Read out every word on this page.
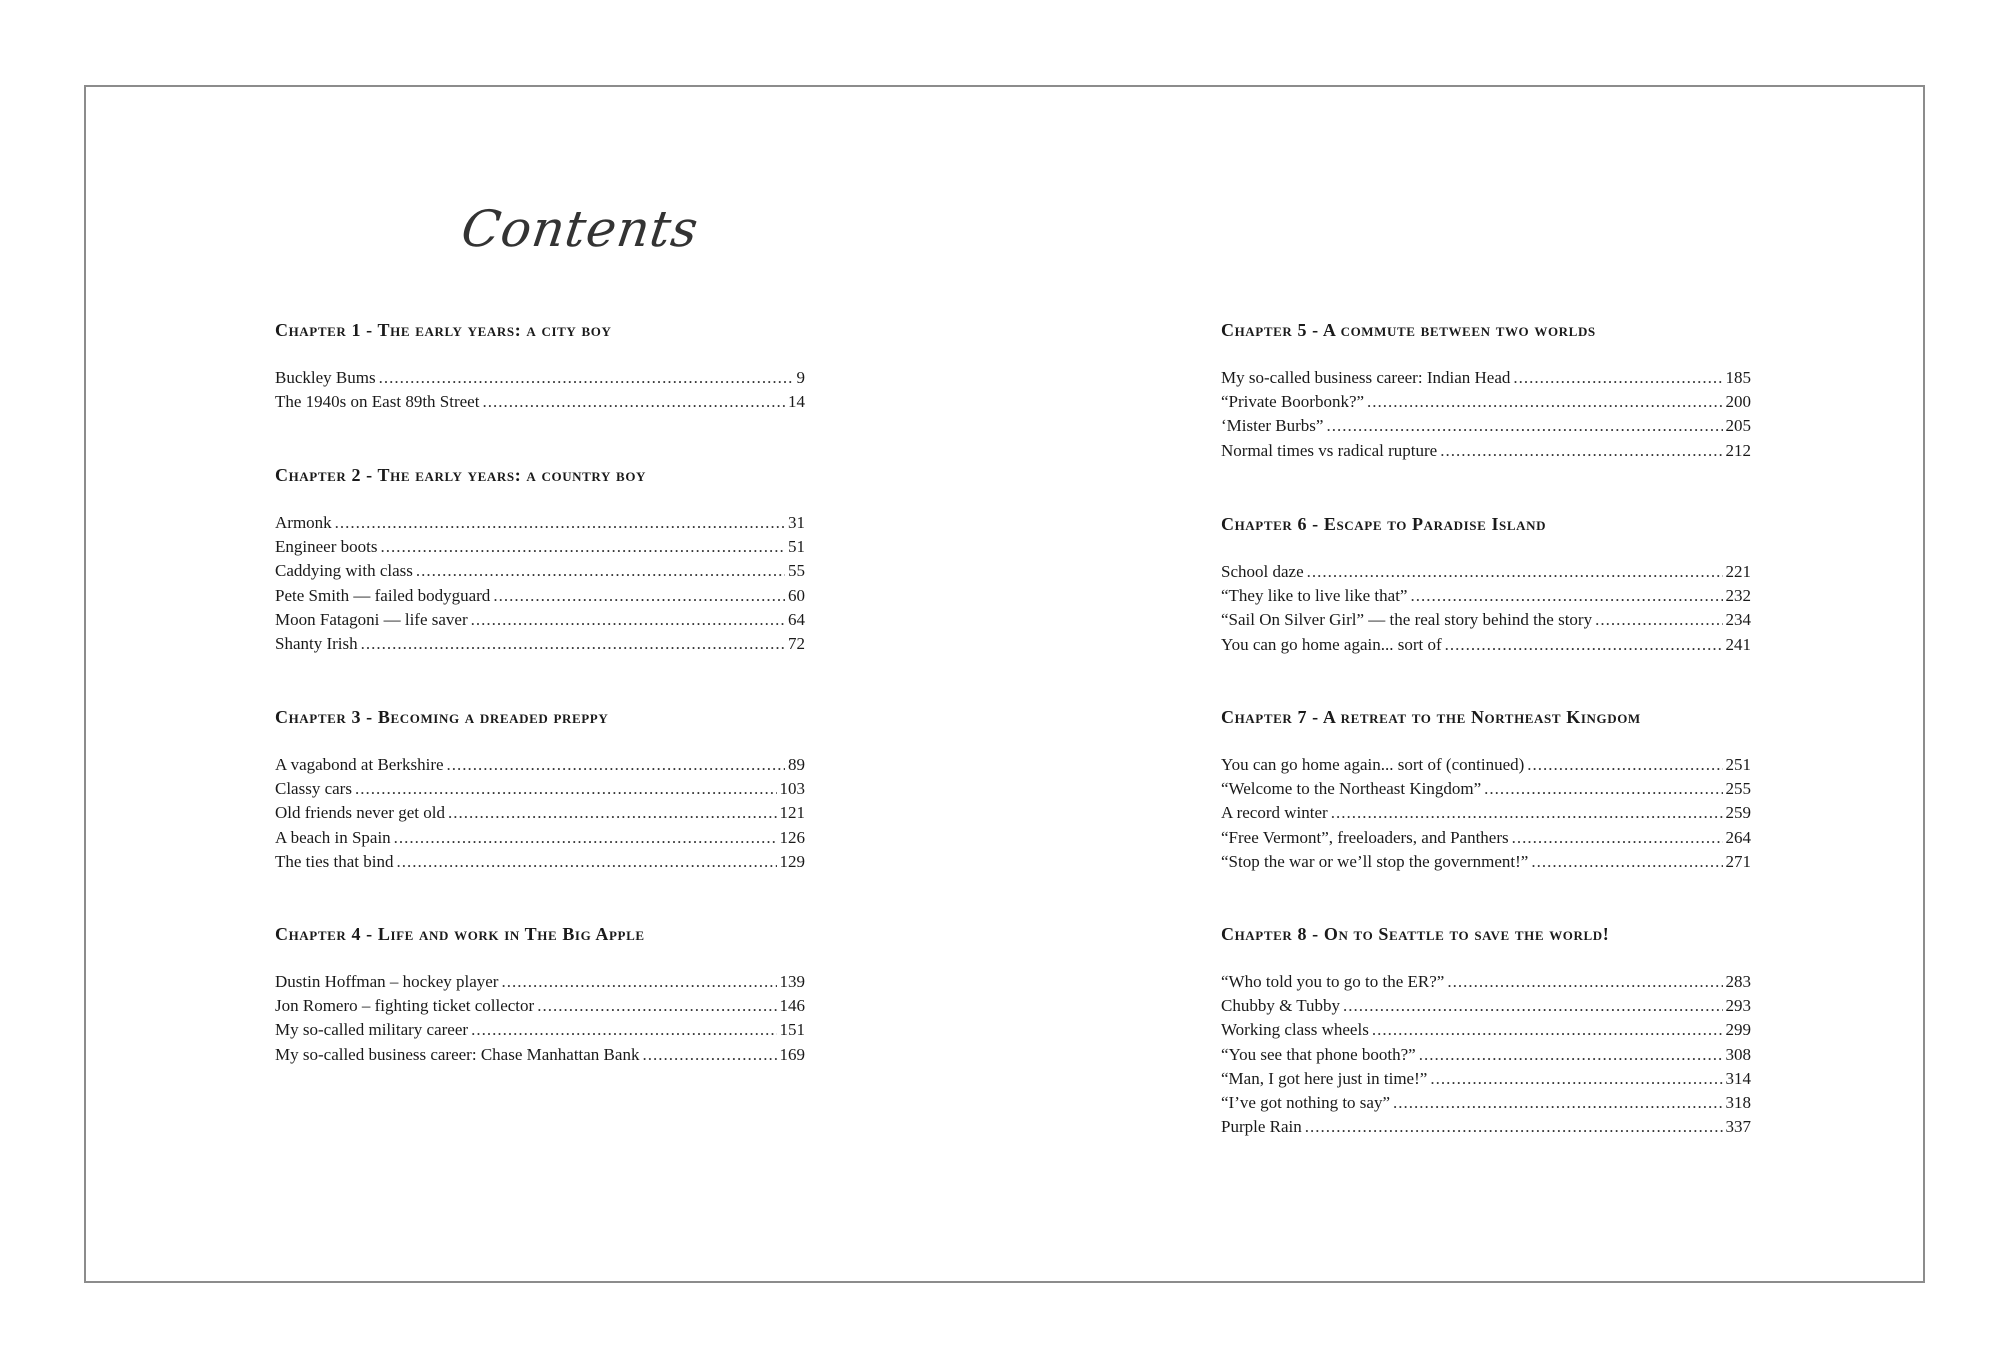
Contents
Chapter 1 - The early years: a city boy
Buckley Bums .....	9
The 1940s on East 89th Street .....	14
Chapter 2 - The early years: a country boy
Armonk .....	31
Engineer boots .....	51
Caddying with class .....	55
Pete Smith — failed bodyguard .....	60
Moon Fatagoni — life saver .....	64
Shanty Irish .....	72
Chapter 3 - Becoming a dreaded preppy
A vagabond at Berkshire .....	89
Classy cars .....	103
Old friends never get old .....	121
A beach in Spain .....	126
The ties that bind .....	129
Chapter 4 - Life and work in The Big Apple
Dustin Hoffman – hockey player .....	139
Jon Romero – fighting ticket collector .....	146
My so-called military career .....	151
My so-called business career: Chase Manhattan Bank .....	169
Chapter 5 - A commute between two worlds
My so-called business career: Indian Head .....	185
“Private Boorbonk?” .....	200
‘Mister Burbs” .....	205
Normal times vs radical rupture .....	212
Chapter 6 - Escape to Paradise Island
School daze .....	221
“They like to live like that” .....	232
“Sail On Silver Girl” — the real story behind the story .....	234
You can go home again... sort of .....	241
Chapter 7 - A retreat to the Northeast Kingdom
You can go home again... sort of (continued) .....	251
“Welcome to the Northeast Kingdom” .....	255
A record winter .....	259
“Free Vermont”, freeloaders, and Panthers .....	264
“Stop the war or we’ll stop the government!” .....	271
Chapter 8 - On to Seattle to save the world!
“Who told you to go to the ER?” .....	283
Chubby & Tubby .....	293
Working class wheels .....	299
“You see that phone booth?” .....	308
“Man, I got here just in time!” .....	314
“I’ve got nothing to say” .....	318
Purple Rain .....	337
